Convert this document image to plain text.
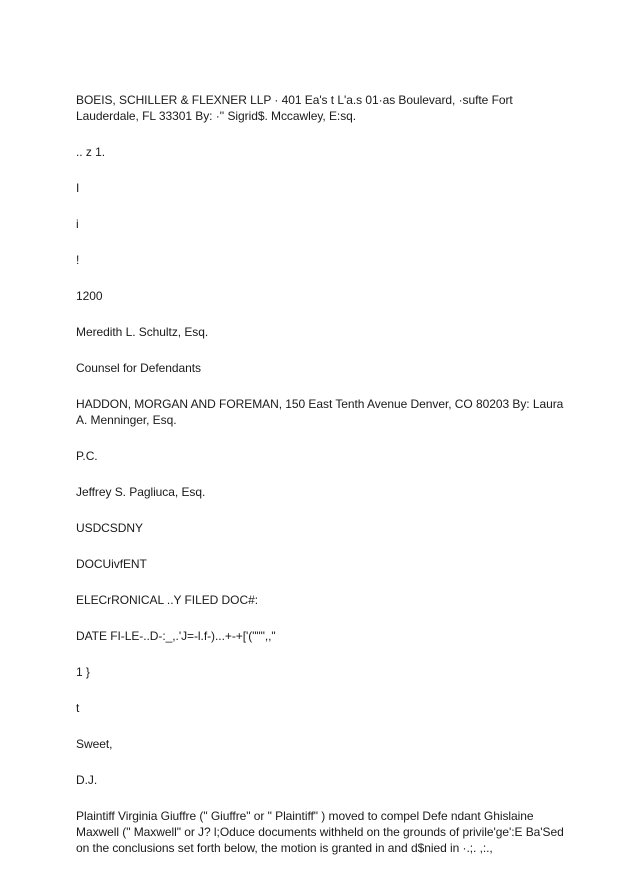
BOEIS, SCHILLER & FLEXNER LLP · 401 Ea's t L'a.s 01·as Boulevard, ·sufte Fort Lauderdale, FL 33301 By: ·'' Sigrid$. Mccawley, E:sq.

.. z 1.

I

i

!

1200

Meredith L. Schultz, Esq.

Counsel for Defendants

HADDON, MORGAN AND FOREMAN, 150 East Tenth Avenue Denver, CO 80203 By: Laura A. Menninger, Esq.

P.C.

Jeffrey S. Pagliuca, Esq.

USDCSDNY

DOCUivfENT

ELECrRONICAL ..Y FILED DOC#:

DATE FI-LE-..D-:_,.'J=-l.f-)...+-+['(""",,"

1 }

t

Sweet,

D.J.

Plaintiff Virginia Giuffre (" Giuffre" or " Plaintiff" ) moved to compel Defe ndant Ghislaine Maxwell (" Maxwell" or J? l;Oduce documents withheld on the grounds of privile'ge':E Ba'Sed on the conclusions set forth below, the motion is granted in and d$nied in ·.;. ,:.,
